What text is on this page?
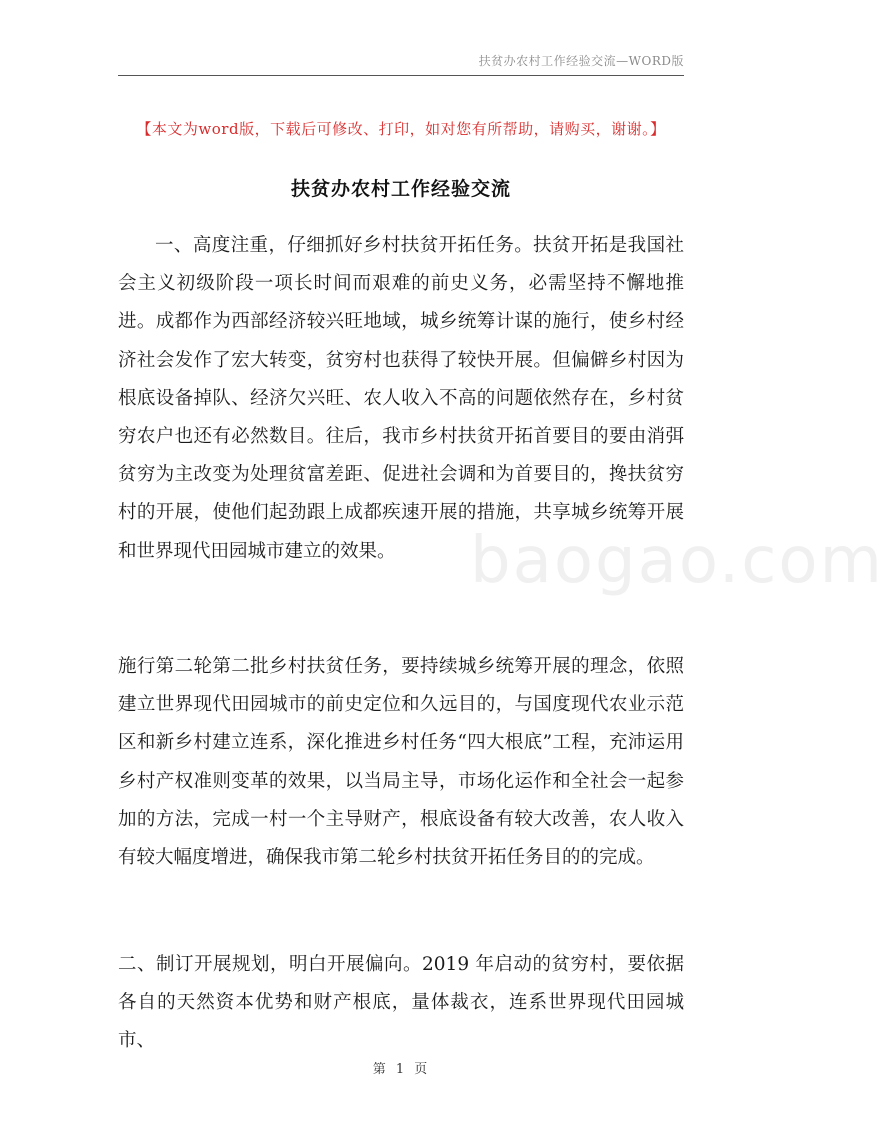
扶贫办农村工作经验交流—WORD版
【本文为word版，下载后可修改、打印，如对您有所帮助，请购买，谢谢。】
扶贫办农村工作经验交流

一、高度注重，仔细抓好乡村扶贫开拓任务。扶贫开拓是我国社会主义初级阶段一项长时间而艰难的前史义务，必需坚持不懈地推进。成都作为西部经济较兴旺地域，城乡统筹计谋的施行，使乡村经济社会发作了宏大转变，贫穷村也获得了较快开展。但偏僻乡村因为根底设备掉队、经济欠兴旺、农人收入不高的问题依然存在，乡村贫穷农户也还有必然数目。往后，我市乡村扶贫开拓首要目的要由消弭贫穷为主改变为处理贫富差距、促进社会调和为首要目的，搀扶贫穷村的开展，使他们起劲跟上成都疾速开展的措施，共享城乡统筹开展和世界现代田园城市建立的效果。

施行第二轮第二批乡村扶贫任务，要持续城乡统筹开展的理念，依照建立世界现代田园城市的前史定位和久远目的，与国度现代农业示范区和新乡村建立连系，深化推进乡村任务“四大根底”工程，充沛运用乡村产权准则变革的效果，以当局主导，市场化运作和全社会一起参加的方法，完成一村一个主导财产，根底设备有较大改善，农人收入有较大幅度增进，确保我市第二轮乡村扶贫开拓任务目的的完成。

二、制订开展规划，明白开展偏向。2019 年启动的贫穷村，要依据各自的天然资本优势和财产根底，量体裁衣，连系世界现代田园城市、

baogao.com
第 1 页
